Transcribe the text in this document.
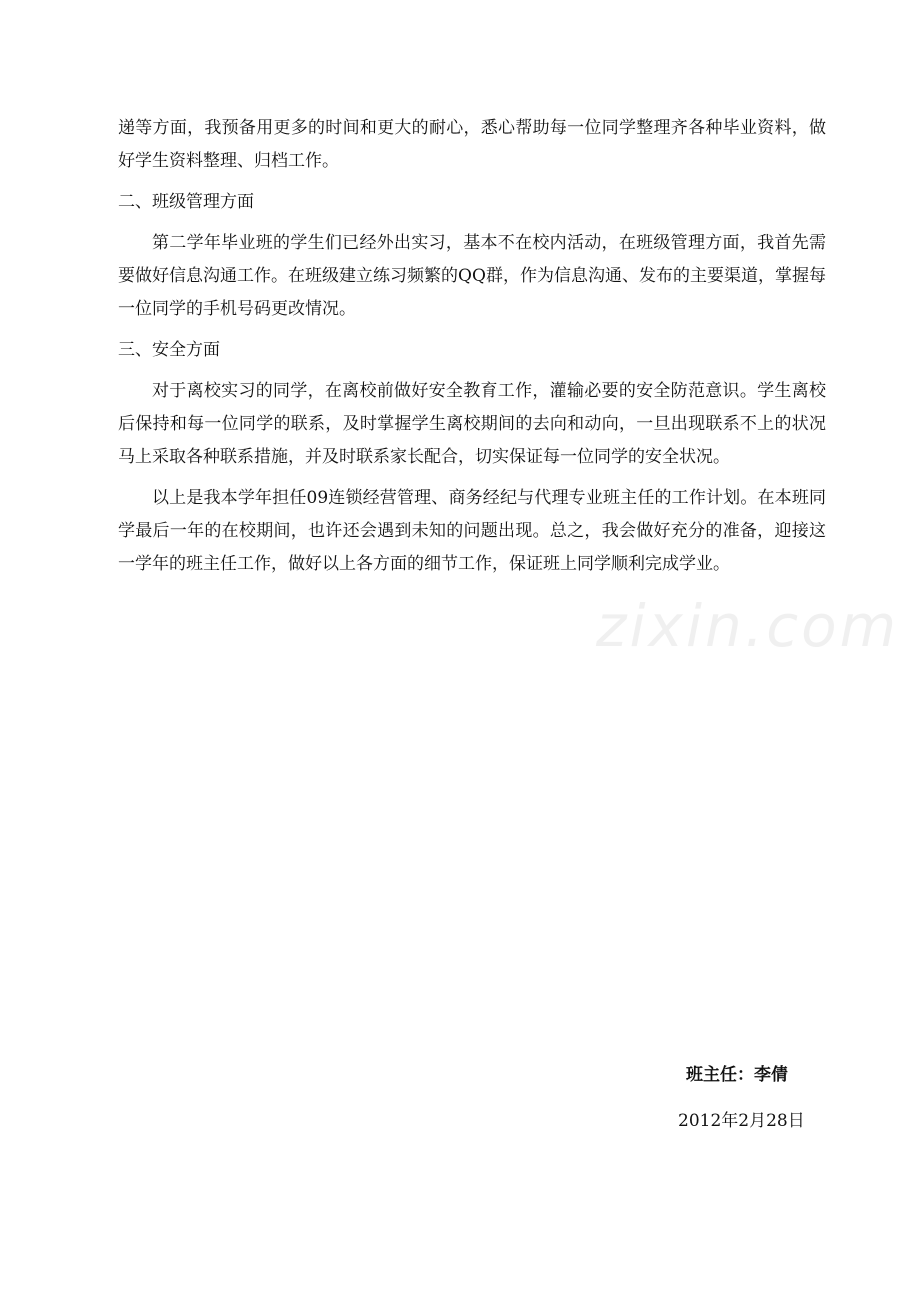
递等方面，我预备用更多的时间和更大的耐心，悉心帮助每一位同学整理齐各种毕业资料，做好学生资料整理、归档工作。

二、班级管理方面

第二学年毕业班的学生们已经外出实习，基本不在校内活动，在班级管理方面，我首先需要做好信息沟通工作。在班级建立练习频繁的QQ群，作为信息沟通、发布的主要渠道，掌握每一位同学的手机号码更改情况。

三、安全方面

对于离校实习的同学，在离校前做好安全教育工作，灌输必要的安全防范意识。学生离校后保持和每一位同学的联系，及时掌握学生离校期间的去向和动向，一旦出现联系不上的状况马上采取各种联系措施，并及时联系家长配合，切实保证每一位同学的安全状况。

以上是我本学年担任09连锁经营管理、商务经纪与代理专业班主任的工作计划。在本班同学最后一年的在校期间，也许还会遇到未知的问题出现。总之，我会做好充分的准备，迎接这一学年的班主任工作，做好以上各方面的细节工作，保证班上同学顺利完成学业。

zixin.com
班主任：李倩
2012年2月28日
